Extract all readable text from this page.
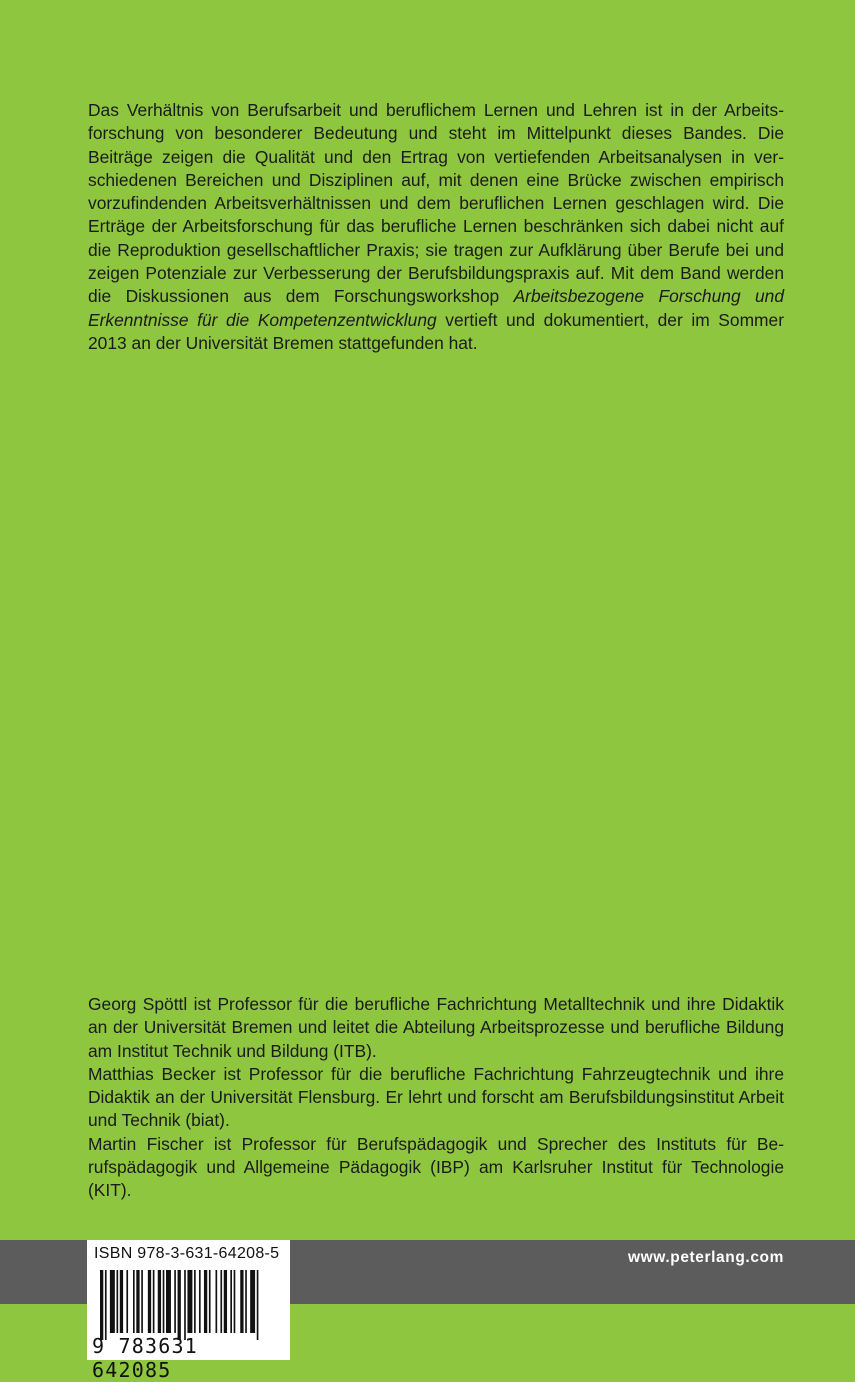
Das Verhältnis von Berufsarbeit und beruflichem Lernen und Lehren ist in der Arbeitsforschung von besonderer Bedeutung und steht im Mittelpunkt dieses Bandes. Die Beiträge zeigen die Qualität und den Ertrag von vertiefenden Arbeitsanalysen in verschiedenen Bereichen und Disziplinen auf, mit denen eine Brücke zwischen empirisch vorzufindenden Arbeitsverhältnissen und dem beruflichen Lernen geschlagen wird. Die Erträge der Arbeitsforschung für das berufliche Lernen beschränken sich dabei nicht auf die Reproduktion gesellschaftlicher Praxis; sie tragen zur Aufklärung über Berufe bei und zeigen Potenziale zur Verbesserung der Berufsbildungspraxis auf. Mit dem Band werden die Diskussionen aus dem Forschungsworkshop Arbeitsbezogene Forschung und Erkenntnisse für die Kompetenzentwicklung vertieft und dokumentiert, der im Sommer 2013 an der Universität Bremen stattgefunden hat.

Georg Spöttl ist Professor für die berufliche Fachrichtung Metalltechnik und ihre Didaktik an der Universität Bremen und leitet die Abteilung Arbeitsprozesse und berufliche Bildung am Institut Technik und Bildung (ITB).

Matthias Becker ist Professor für die berufliche Fachrichtung Fahrzeugtechnik und ihre Didaktik an der Universität Flensburg. Er lehrt und forscht am Berufsbildungsinstitut Arbeit und Technik (biat).

Martin Fischer ist Professor für Berufspädagogik und Sprecher des Instituts für Berufspädagogik und Allgemeine Pädagogik (IBP) am Karlsruher Institut für Technologie (KIT).

www.peterlang.com
ISBN 978-3-631-64208-5
9 783631 642085
